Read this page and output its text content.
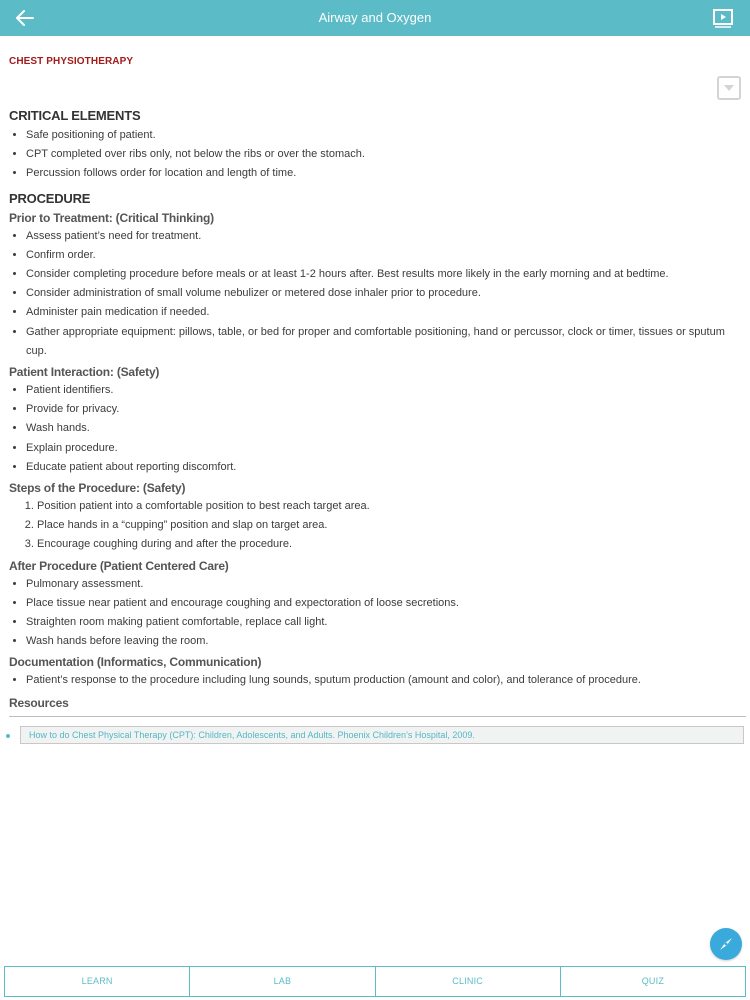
Airway and Oxygen
CHEST PHYSIOTHERAPY
CRITICAL ELEMENTS
• Safe positioning of patient.
• CPT completed over ribs only, not below the ribs or over the stomach.
• Percussion follows order for location and length of time.
PROCEDURE
Prior to Treatment: (Critical Thinking)
• Assess patient’s need for treatment.
• Confirm order.
• Consider completing procedure before meals or at least 1-2 hours after. Best results more likely in the early morning and at bedtime.
• Consider administration of small volume nebulizer or metered dose inhaler prior to procedure.
• Administer pain medication if needed.
• Gather appropriate equipment: pillows, table, or bed for proper and comfortable positioning, hand or percussor, clock or timer, tissues or sputum cup.
Patient Interaction: (Safety)
• Patient identifiers.
• Provide for privacy.
• Wash hands.
• Explain procedure.
• Educate patient about reporting discomfort.
Steps of the Procedure: (Safety)
1. Position patient into a comfortable position to best reach target area.
2. Place hands in a “cupping” position and slap on target area.
3. Encourage coughing during and after the procedure.
After Procedure (Patient Centered Care)
• Pulmonary assessment.
• Place tissue near patient and encourage coughing and expectoration of loose secretions.
• Straighten room making patient comfortable, replace call light.
• Wash hands before leaving the room.
Documentation (Informatics, Communication)
• Patient’s response to the procedure including lung sounds, sputum production (amount and color), and tolerance of procedure.
Resources
How to do Chest Physical Therapy (CPT): Children, Adolescents, and Adults. Phoenix Children’s Hospital, 2009.
LEARN	LAB	CLINIC	QUIZ
